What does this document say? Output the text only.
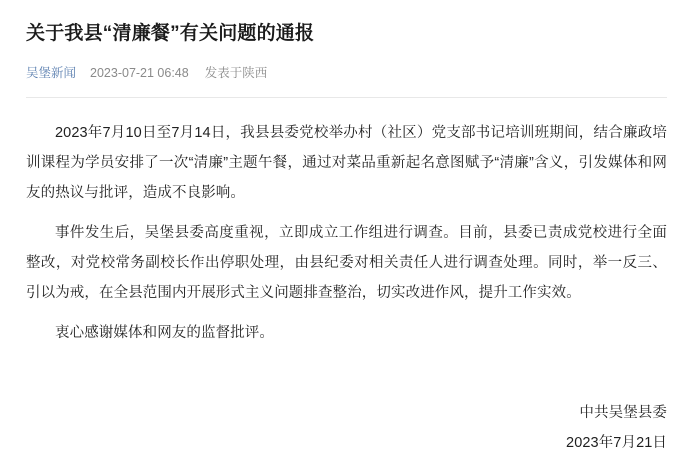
关于我县“清廉餐”有关问题的通报
吴堡新闻 2023-07-21 06:48 发表于陕西

2023年7月10日至7月14日，我县县委党校举办村（社区）党支部书记培训班期间，结合廉政培训课程为学员安排了一次“清廉”主题午餐，通过对菜品重新起名意图赋予“清廉”含义，引发媒体和网友的热议与批评，造成不良影响。

事件发生后，吴堡县委高度重视，立即成立工作组进行调查。目前，县委已责成党校进行全面整改，对党校常务副校长作出停职处理，由县纪委对相关责任人进行调查处理。同时，举一反三、引以为戒，在全县范围内开展形式主义问题排查整治，切实改进作风，提升工作实效。

衷心感谢媒体和网友的监督批评。

中共吴堡县委
2023年7月21日
